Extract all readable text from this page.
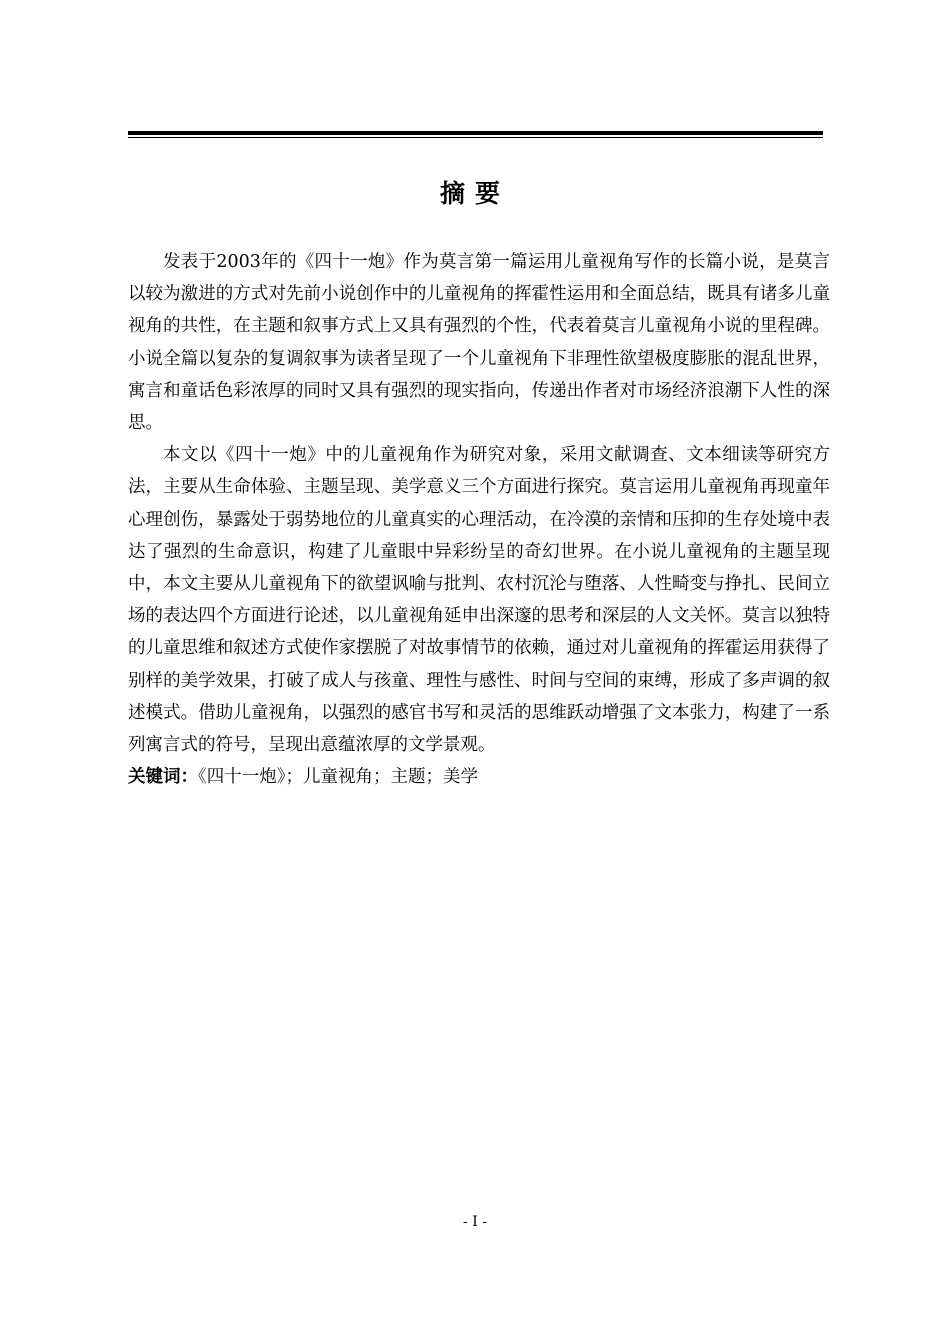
摘要

发表于2003年的《四十一炮》作为莫言第一篇运用儿童视角写作的长篇小说，是莫言以较为激进的方式对先前小说创作中的儿童视角的挥霍性运用和全面总结，既具有诸多儿童视角的共性，在主题和叙事方式上又具有强烈的个性，代表着莫言儿童视角小说的里程碑。小说全篇以复杂的复调叙事为读者呈现了一个儿童视角下非理性欲望极度膨胀的混乱世界，寓言和童话色彩浓厚的同时又具有强烈的现实指向，传递出作者对市场经济浪潮下人性的深思。

本文以《四十一炮》中的儿童视角作为研究对象，采用文献调查、文本细读等研究方法，主要从生命体验、主题呈现、美学意义三个方面进行探究。莫言运用儿童视角再现童年心理创伤，暴露处于弱势地位的儿童真实的心理活动，在冷漠的亲情和压抑的生存处境中表达了强烈的生命意识，构建了儿童眼中异彩纷呈的奇幻世界。在小说儿童视角的主题呈现中，本文主要从儿童视角下的欲望讽喻与批判、农村沉沦与堕落、人性畸变与挣扎、民间立场的表达四个方面进行论述，以儿童视角延申出深邃的思考和深层的人文关怀。莫言以独特的儿童思维和叙述方式使作家摆脱了对故事情节的依赖，通过对儿童视角的挥霍运用获得了别样的美学效果，打破了成人与孩童、理性与感性、时间与空间的束缚，形成了多声调的叙述模式。借助儿童视角，以强烈的感官书写和灵活的思维跃动增强了文本张力，构建了一系列寓言式的符号，呈现出意蕴浓厚的文学景观。

关键词：《四十一炮》；儿童视角；主题；美学

- I -
